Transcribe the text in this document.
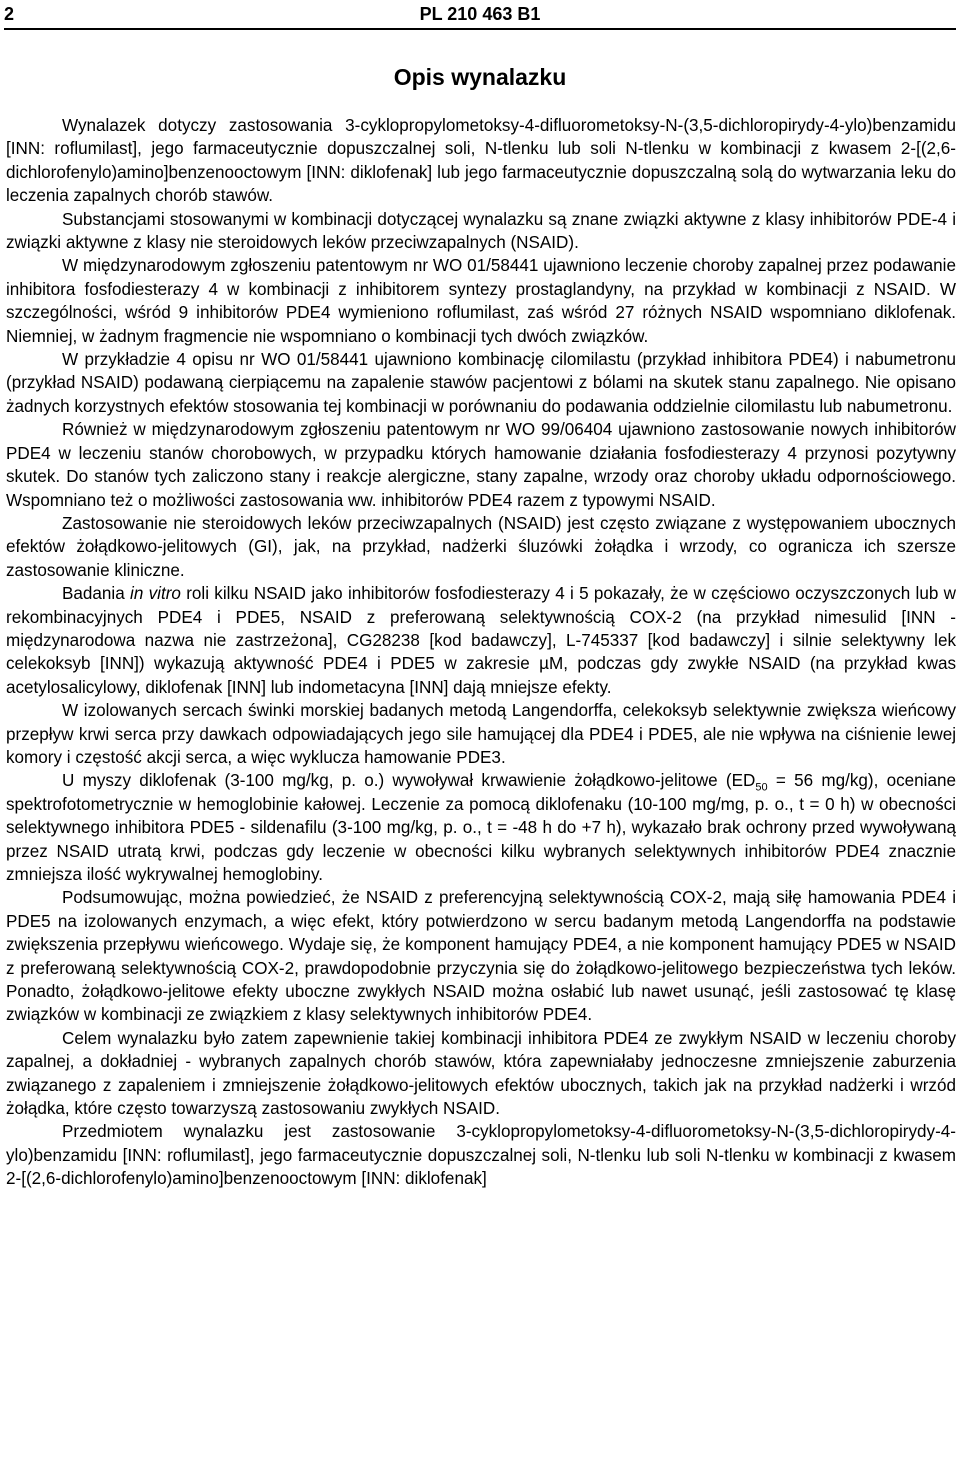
2	PL 210 463 B1
Opis wynalazku

Wynalazek dotyczy zastosowania 3-cyklopropylometoksy-4-difluorometoksy-N-(3,5-dichloropirydy-4-ylo)benzamidu [INN: roflumilast], jego farmaceutycznie dopuszczalnej soli, N-tlenku lub soli N-tlenku w kombinacji z kwasem 2-[(2,6-dichlorofenylo)amino]benzenooctowym [INN: diklofenak] lub jego farmaceutycznie dopuszczalną solą do wytwarzania leku do leczenia zapalnych chorób stawów.

Substancjami stosowanymi w kombinacji dotyczącej wynalazku są znane związki aktywne z klasy inhibitorów PDE-4 i związki aktywne z klasy nie steroidowych leków przeciwzapalnych (NSAID).

W międzynarodowym zgłoszeniu patentowym nr WO 01/58441 ujawniono leczenie choroby zapalnej przez podawanie inhibitora fosfodiesterazy 4 w kombinacji z inhibitorem syntezy prostaglandyny, na przykład w kombinacji z NSAID. W szczególności, wśród 9 inhibitorów PDE4 wymieniono roflumilast, zaś wśród 27 różnych NSAID wspomniano diklofenak. Niemniej, w żadnym fragmencie nie wspomniano o kombinacji tych dwóch związków.

W przykładzie 4 opisu nr WO 01/58441 ujawniono kombinację cilomilastu (przykład inhibitora PDE4) i nabumetronu (przykład NSAID) podawaną cierpiącemu na zapalenie stawów pacjentowi z bólami na skutek stanu zapalnego. Nie opisano żadnych korzystnych efektów stosowania tej kombinacji w porównaniu do podawania oddzielnie cilomilastu lub nabumetronu.

Również w międzynarodowym zgłoszeniu patentowym nr WO 99/06404 ujawniono zastosowanie nowych inhibitorów PDE4 w leczeniu stanów chorobowych, w przypadku których hamowanie działania fosfodiesterazy 4 przynosi pozytywny skutek. Do stanów tych zaliczono stany i reakcje alergiczne, stany zapalne, wrzody oraz choroby układu odpornościowego. Wspomniano też o możliwości zastosowania ww. inhibitorów PDE4 razem z typowymi NSAID.

Zastosowanie nie steroidowych leków przeciwzapalnych (NSAID) jest często związane z występowaniem ubocznych efektów żołądkowo-jelitowych (GI), jak, na przykład, nadżerki śluzówki żołądka i wrzody, co ogranicza ich szersze zastosowanie kliniczne.

Badania in vitro roli kilku NSAID jako inhibitorów fosfodiesterazy 4 i 5 pokazały, że w częściowo oczyszczonych lub w rekombinacyjnych PDE4 i PDE5, NSAID z preferowaną selektywnością COX-2 (na przykład nimesulid [INN - międzynarodowa nazwa nie zastrzeżona], CG28238 [kod badawczy], L-745337 [kod badawczy] i silnie selektywny lek celekoksyb [INN]) wykazują aktywność PDE4 i PDE5 w zakresie µM, podczas gdy zwykłe NSAID (na przykład kwas acetylosalicylowy, diklofenak [INN] lub indometacyna [INN] dają mniejsze efekty.

W izolowanych sercach świnki morskiej badanych metodą Langendorffa, celekoksyb selektywnie zwiększa wieńcowy przepływ krwi serca przy dawkach odpowiadających jego sile hamującej dla PDE4 i PDE5, ale nie wpływa na ciśnienie lewej komory i częstość akcji serca, a więc wyklucza hamowanie PDE3.

U myszy diklofenak (3-100 mg/kg, p. o.) wywoływał krwawienie żołądkowo-jelitowe ($ED_{50} = 56$ mg/kg), oceniane spektrofotometrycznie w hemoglobinie kałowej. Leczenie za pomocą diklofenaku (10-100 mg/mg, p. o., t = 0 h) w obecności selektywnego inhibitora PDE5 - sildenafilu (3-100 mg/kg, p. o., t = -48 h do +7 h), wykazało brak ochrony przed wywoływaną przez NSAID utratą krwi, podczas gdy leczenie w obecności kilku wybranych selektywnych inhibitorów PDE4 znacznie zmniejsza ilość wykrywalnej hemoglobiny.

Podsumowując, można powiedzieć, że NSAID z preferencyjną selektywnością COX-2, mają siłę hamowania PDE4 i PDE5 na izolowanych enzymach, a więc efekt, który potwierdzono w sercu badanym metodą Langendorffa na podstawie zwiększenia przepływu wieńcowego. Wydaje się, że komponent hamujący PDE4, a nie komponent hamujący PDE5 w NSAID z preferowaną selektywnością COX-2, prawdopodobnie przyczynia się do żołądkowo-jelitowego bezpieczeństwa tych leków. Ponadto, żołądkowo-jelitowe efekty uboczne zwykłych NSAID można osłabić lub nawet usunąć, jeśli zastosować tę klasę związków w kombinacji ze związkiem z klasy selektywnych inhibitorów PDE4.

Celem wynalazku było zatem zapewnienie takiej kombinacji inhibitora PDE4 ze zwykłym NSAID w leczeniu choroby zapalnej, a dokładniej - wybranych zapalnych chorób stawów, która zapewniałaby jednoczesne zmniejszenie zaburzenia związanego z zapaleniem i zmniejszenie żołądkowo-jelitowych efektów ubocznych, takich jak na przykład nadżerki i wrzód żołądka, które często towarzyszą zastosowaniu zwykłych NSAID.

Przedmiotem wynalazku jest zastosowanie 3-cyklopropylometoksy-4-difluorometoksy-N-(3,5-dichloropirydy-4-ylo)benzamidu [INN: roflumilast], jego farmaceutycznie dopuszczalnej soli, N-tlenku lub soli N-tlenku w kombinacji z kwasem 2-[(2,6-dichlorofenylo)amino]benzenooctowym [INN: diklofenak]
